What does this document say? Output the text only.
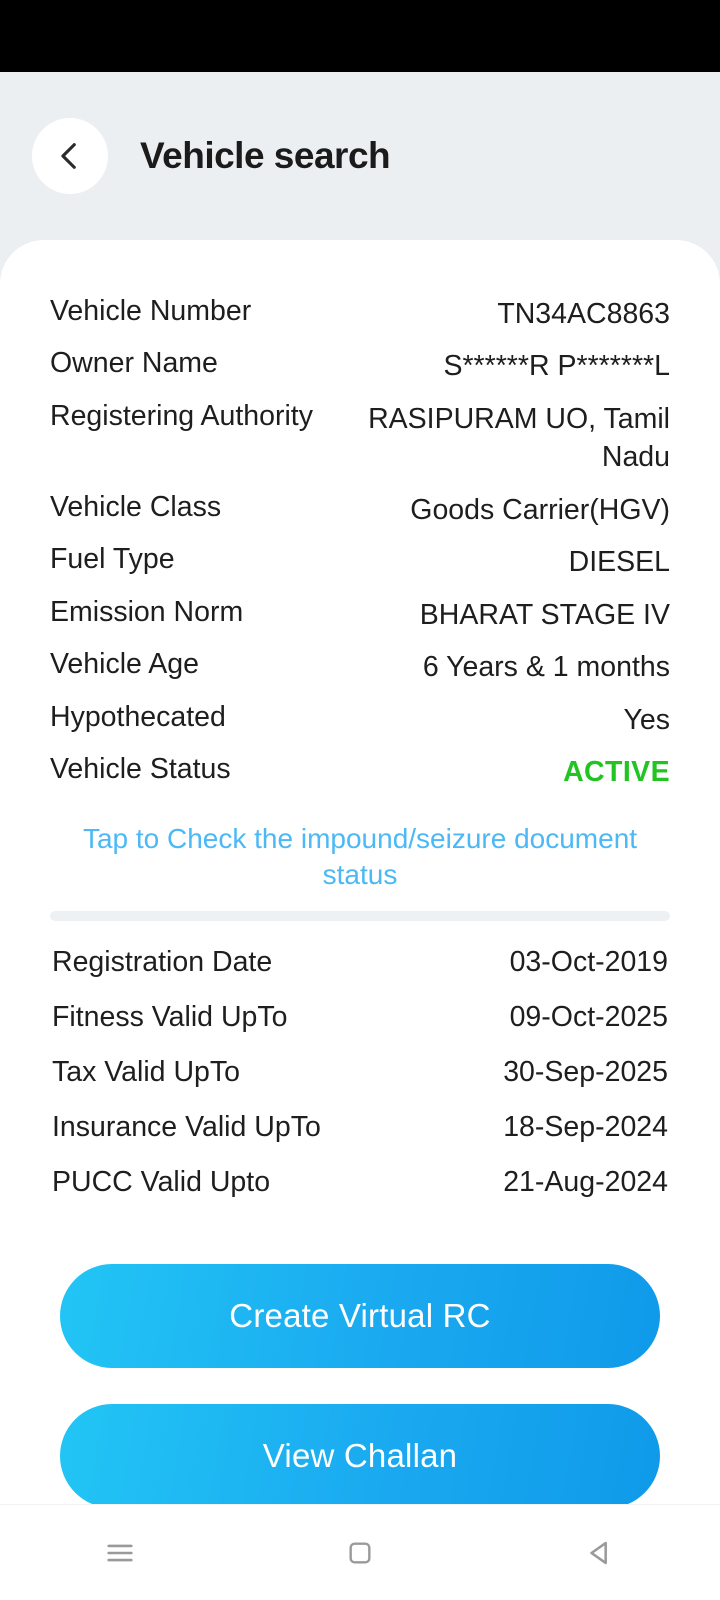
Vehicle search
Vehicle Number	TN34AC8863
Owner Name	S******R P*******L
Registering Authority	RASIPURAM UO, Tamil Nadu
Vehicle Class	Goods Carrier(HGV)
Fuel Type	DIESEL
Emission Norm	BHARAT STAGE IV
Vehicle Age	6 Years & 1 months
Hypothecated	Yes
Vehicle Status	ACTIVE
Tap to Check the impound/seizure document status
Registration Date	03-Oct-2019
Fitness Valid UpTo	09-Oct-2025
Tax Valid UpTo	30-Sep-2025
Insurance Valid UpTo	18-Sep-2024
PUCC Valid Upto	21-Aug-2024
Create Virtual RC
View Challan
